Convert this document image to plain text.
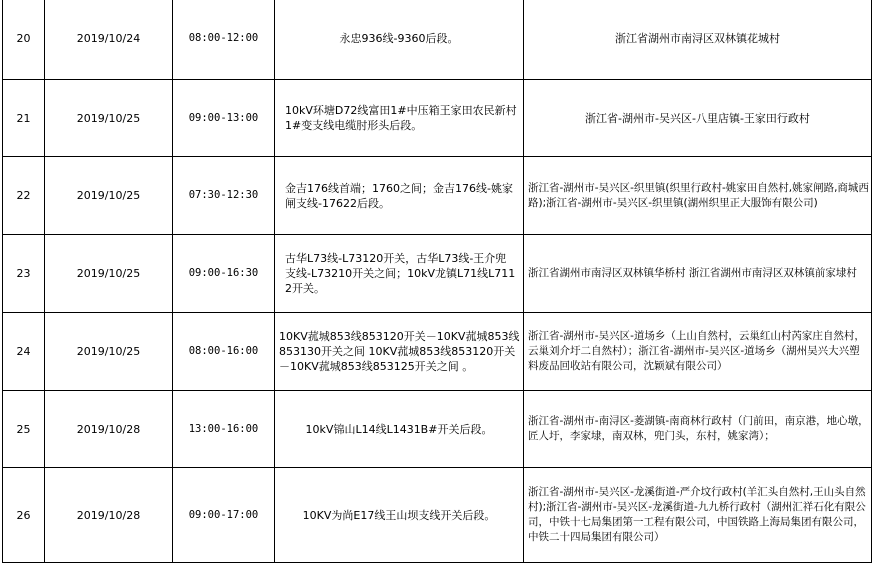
20	2019/10/24	08:00-12:00	永忠936线-9360后段。	浙江省湖州市南浔区双林镇花城村
21	2019/10/25	09:00-13:00	10kV环塘D72线富田1#中压箱王家田农民新村1#变支线电缆肘形头后段。	浙江省-湖州市-吴兴区-八里店镇-王家田行政村
22	2019/10/25	07:30-12:30	金吉176线首端；1760之间；金吉176线-姚家闸支线-17622后段。	浙江省-湖州市-吴兴区-织里镇(织里行政村-姚家田自然村,姚家闸路,商城西路);浙江省-湖州市-吴兴区-织里镇(湖州织里正大服饰有限公司)
23	2019/10/25	09:00-16:30	古华L73线-L73120开关，古华L73线-王介兜支线-L73210开关之间；10kV龙镇L71线L7112开关。	浙江省湖州市南浔区双林镇华桥村 浙江省湖州市南浔区双林镇前家埭村
24	2019/10/25	08:00-16:00	10KV菰城853线853120开关－10KV菰城853线853130开关之间 10KV菰城853线853120开关－10KV菰城853线853125开关之间 。	浙江省-湖州市-吴兴区-道场乡（上山自然村，云巢红山村芮家庄自然村，云巢刘介圩二自然村）；浙江省-湖州市-吴兴区-道场乡（湖州吴兴大兴塑料废品回收站有限公司，沈颖斌有限公司）
25	2019/10/28	13:00-16:00	10kV锦山L14线L1431B#开关后段。	浙江省-湖州市-南浔区-菱湖镇-南商林行政村（门前田，南京港，地心墩，匠人圩，李家埭，南双林，兜门头，东村，姚家湾）；
26	2019/10/28	09:00-17:00	10KV为尚E17线王山坝支线开关后段。	浙江省-湖州市-吴兴区-龙溪街道-严介坟行政村(羊汇头自然村,王山头自然村);浙江省-湖州市-吴兴区-龙溪街道-九九桥行政村（湖州汇祥石化有限公司，中铁十七局集团第一工程有限公司，中国铁路上海局集团有限公司，中铁二十四局集团有限公司）
